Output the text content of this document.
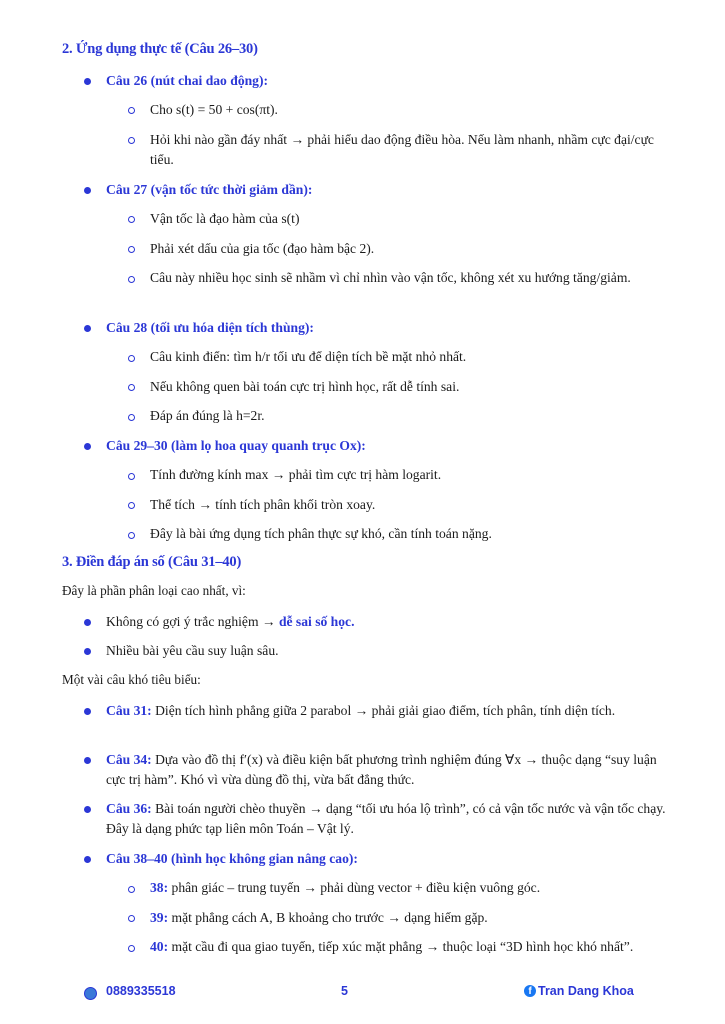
2. Ứng dụng thực tế (Câu 26–30)
Câu 26 (nút chai dao động):
Cho s(t) = 50 + cos(πt).
Hỏi khi nào gần đáy nhất → phải hiểu dao động điều hòa. Nếu làm nhanh, nhầm cực đại/cực tiểu.
Câu 27 (vận tốc tức thời giảm dần):
Vận tốc là đạo hàm của s(t)
Phải xét dấu của gia tốc (đạo hàm bậc 2).
Câu này nhiều học sinh sẽ nhầm vì chỉ nhìn vào vận tốc, không xét xu hướng tăng/giảm.
Câu 28 (tối ưu hóa diện tích thùng):
Câu kinh điển: tìm h/r tối ưu để diện tích bề mặt nhỏ nhất.
Nếu không quen bài toán cực trị hình học, rất dễ tính sai.
Đáp án đúng là h=2r.
Câu 29–30 (làm lọ hoa quay quanh trục Ox):
Tính đường kính max → phải tìm cực trị hàm logarit.
Thể tích → tính tích phân khối tròn xoay.
Đây là bài ứng dụng tích phân thực sự khó, cần tính toán nặng.
3. Điền đáp án số (Câu 31–40)
Đây là phần phân loại cao nhất, vì:
Không có gợi ý trắc nghiệm → dễ sai số học.
Nhiều bài yêu cầu suy luận sâu.
Một vài câu khó tiêu biểu:
Câu 31: Diện tích hình phẳng giữa 2 parabol → phải giải giao điểm, tích phân, tính diện tích.
Câu 34: Dựa vào đồ thị f′(x) và điều kiện bất phương trình nghiệm đúng ∀x → thuộc dạng “suy luận cực trị hàm”. Khó vì vừa dùng đồ thị, vừa bất đẳng thức.
Câu 36: Bài toán người chèo thuyền → dạng “tối ưu hóa lộ trình”, có cả vận tốc nước và vận tốc chạy. Đây là dạng phức tạp liên môn Toán – Vật lý.
Câu 38–40 (hình học không gian nâng cao):
38: phân giác – trung tuyến → phải dùng vector + điều kiện vuông góc.
39: mặt phẳng cách A, B khoảng cho trước → dạng hiếm gặp.
40: mặt cầu đi qua giao tuyến, tiếp xúc mặt phẳng → thuộc loại “3D hình học khó nhất”.
0889335518	5	f Tran Dang Khoa
